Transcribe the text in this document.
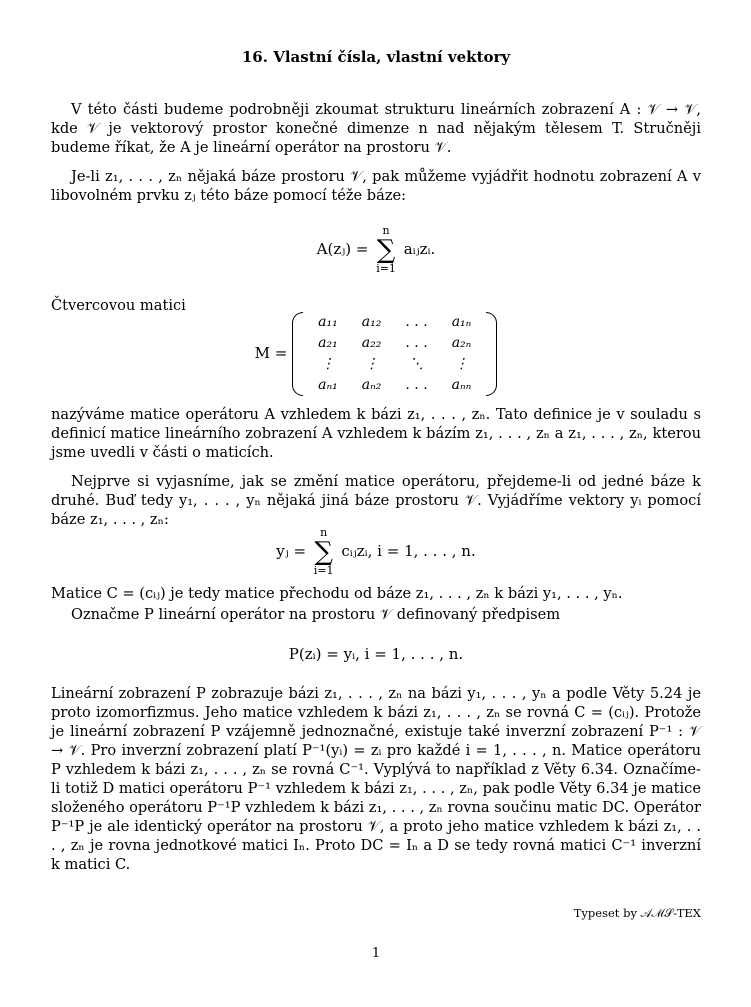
16. Vlastní čísla, vlastní vektory
V této části budeme podrobněji zkoumat strukturu lineárních zobrazení A : 𝒱 → 𝒱, kde 𝒱 je vektorový prostor konečné dimenze n nad nějakým tělesem T. Stručněji budeme říkat, že A je lineární operátor na prostoru 𝒱.
Je-li z₁, . . . , zₙ nějaká báze prostoru 𝒱, pak můžeme vyjádřit hodnotu zobrazení A v libovolném prvku zⱼ této báze pomocí téže báze:
A(zⱼ) =
n
∑
i=1
aᵢⱼzᵢ.
Čtvercovou matici
M =
a₁₁	a₁₂	. . .	a₁ₙ
a₂₁	a₂₂	. . .	a₂ₙ
⋮	⋮	⋱	⋮
aₙ₁	aₙ₂	. . .	aₙₙ
nazýváme matice operátoru A vzhledem k bázi z₁, . . . , zₙ. Tato definice je v souladu s definicí matice lineárního zobrazení A vzhledem k bázím z₁, . . . , zₙ a z₁, . . . , zₙ, kterou jsme uvedli v části o maticích.
Nejprve si vyjasníme, jak se změní matice operátoru, přejdeme-li od jedné báze k druhé. Buď tedy y₁, . . . , yₙ nějaká jiná báze prostoru 𝒱. Vyjádříme vektory yᵢ pomocí báze z₁, . . . , zₙ:
yⱼ =
n
∑
i=1
cᵢⱼzᵢ, i = 1, . . . , n.
Matice C = (cᵢⱼ) je tedy matice přechodu od báze z₁, . . . , zₙ k bázi y₁, . . . , yₙ.
Označme P lineární operátor na prostoru 𝒱 definovaný předpisem
P(zᵢ) = yᵢ, i = 1, . . . , n.
Lineární zobrazení P zobrazuje bázi z₁, . . . , zₙ na bázi y₁, . . . , yₙ a podle Věty 5.24 je proto izomorfizmus. Jeho matice vzhledem k bázi z₁, . . . , zₙ se rovná C = (cᵢⱼ). Protože je lineární zobrazení P vzájemně jednoznačné, existuje také inverzní zobrazení P⁻¹ : 𝒱 → 𝒱. Pro inverzní zobrazení platí P⁻¹(yᵢ) = zᵢ pro každé i = 1, . . . , n. Matice operátoru P vzhledem k bázi z₁, . . . , zₙ se rovná C⁻¹. Vyplývá to například z Věty 6.34. Označíme-li totiž D matici operátoru P⁻¹ vzhledem k bázi z₁, . . . , zₙ, pak podle Věty 6.34 je matice složeného operátoru P⁻¹P vzhledem k bázi z₁, . . . , zₙ rovna součinu matic DC. Operátor P⁻¹P je ale identický operátor na prostoru 𝒱, a proto jeho matice vzhledem k bázi z₁, . . . , zₙ je rovna jednotkové matici Iₙ. Proto DC = Iₙ a D se tedy rovná matici C⁻¹ inverzní k matici C.
Typeset by 𝒜ℳ𝒮-TEX
1
